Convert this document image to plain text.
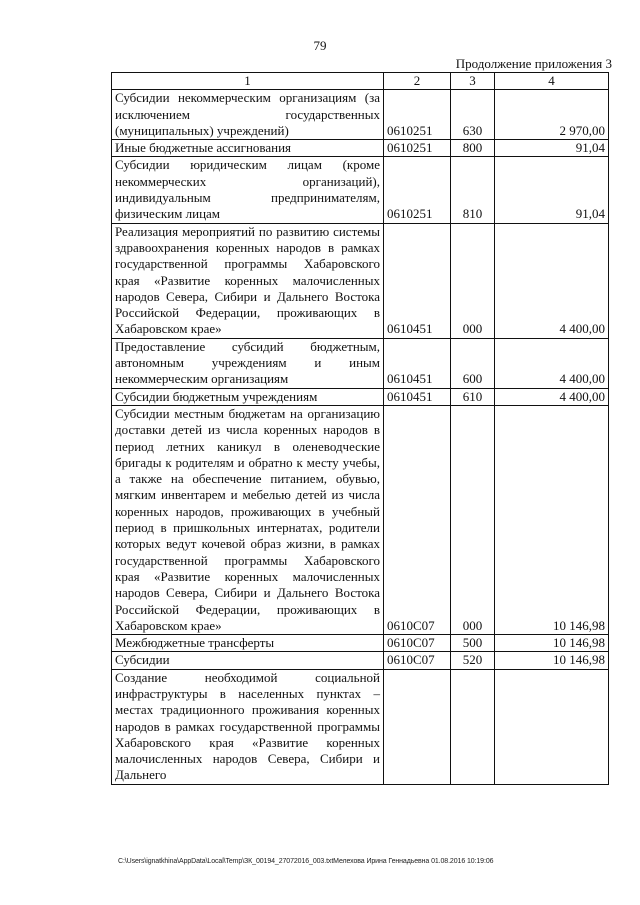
79
Продолжение приложения 3
1	2	3	4
Субсидии некоммерческим организациям (за исключением государственных (муниципальных) учреждений)	0610251	630	2 970,00
Иные бюджетные ассигнования	0610251	800	91,04
Субсидии юридическим лицам (кроме некоммерческих организаций), индивидуальным предпринимателям, физическим лицам	0610251	810	91,04
Реализация мероприятий по развитию системы здравоохранения коренных народов в рамках государственной программы Хабаровского края «Развитие коренных малочисленных народов Севера, Сибири и Дальнего Востока Российской Федерации, проживающих в Хабаровском крае»	0610451	000	4 400,00
Предоставление субсидий бюджетным, автономным учреждениям и иным некоммерческим организациям	0610451	600	4 400,00
Субсидии бюджетным учреждениям	0610451	610	4 400,00
Субсидии местным бюджетам на организацию доставки детей из числа коренных народов в период летних каникул в оленеводческие бригады к родителям и обратно к месту учебы, а также на обеспечение питанием, обувью, мягким инвентарем и мебелью детей из числа коренных народов, проживающих в учебный период в пришкольных интернатах, родители которых ведут кочевой образ жизни, в рамках государственной программы Хабаровского края «Развитие коренных малочисленных народов Севера, Сибири и Дальнего Востока Российской Федерации, проживающих в Хабаровском крае»	0610С07	000	10 146,98
Межбюджетные трансферты	0610С07	500	10 146,98
Субсидии	0610С07	520	10 146,98
Создание необходимой социальной инфраструктуры в населенных пунктах – местах традиционного проживания коренных народов в рамках государственной программы Хабаровского края «Развитие коренных малочисленных народов Севера, Сибири и Дальнего			
C:\Users\ignatkhina\AppData\Local\Temp\ЗК_00194_27072016_003.txtМелехова Ирина Геннадьевна 01.08.2016 10:19:06
